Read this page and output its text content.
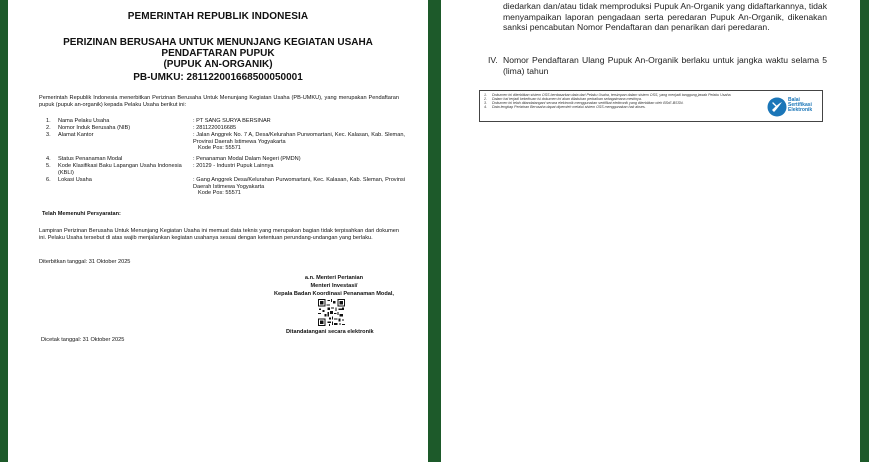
PEMERINTAH REPUBLIK INDONESIA
PERIZINAN BERUSAHA UNTUK MENUNJANG KEGIATAN USAHA
PENDAFTARAN PUPUK
(PUPUK AN-ORGANIK)
PB-UMKU: 281122001668500050001
Pemerintah Republik Indonesia menerbitkan Perizinan Berusaha Untuk Menunjang Kegiatan Usaha (PB-UMKU), yang merupakan Pendaftaran pupuk (pupuk an-organik) kepada Pelaku Usaha berikut ini:
1. Nama Pelaku Usaha	: PT SANG SURYA BERSINAR
2. Nomor Induk Berusaha (NIB)	: 2811220016685
3. Alamat Kantor	: Jalan Anggrek No. 7 A, Desa/Kelurahan Purwomartani, Kec. Kalasan, Kab. Sleman, Provinsi Daerah Istimewa Yogyakarta
Kode Pos: 55571
4. Status Penanaman Modal	: Penanaman Modal Dalam Negeri (PMDN)
5. Kode Klasifikasi Baku Lapangan Usaha Indonesia (KBLI)
: 20129 - Industri Pupuk Lainnya
6. Lokasi Usaha	: Gang Anggrek Desa/Kelurahan Purwomartani, Kec. Kalasan, Kab. Sleman, Provinsi Daerah Istimewa Yogyakarta
Kode Pos: 55571
Telah Memenuhi Persyaratan:
Lampiran Perizinan Berusaha Untuk Menunjang Kegiatan Usaha ini memuat data teknis yang merupakan bagian tidak terpisahkan dari dokumen ini. Pelaku Usaha tersebut di atas wajib menjalankan kegiatan usahanya sesuai dengan ketentuan perundang-undangan yang berlaku.
Diterbitkan tanggal: 31 Oktober 2025
a.n. Menteri Pertanian
Menteri Investasi/
Kepala Badan Koordinasi Penanaman Modal,
Ditandatangani secara elektronik
Dicetak tanggal: 31 Oktober 2025
diedarkan dan/atau tidak memproduksi Pupuk An-Organik yang didaftarkannya, tidak menyampaikan laporan pengadaan serta peredaran Pupuk An-Organik, dikenakan sanksi pencabutan Nomor Pendaftaran dan penarikan dari peredaran.
IV. Nomor Pendaftaran Ulang Pupuk An-Organik berlaku untuk jangka waktu selama 5 (lima) tahun
1. Dokumen ini diterbitkan sistem OSS berdasarkan data dari Pelaku Usaha, tersimpan dalam sistem OSS, yang menjadi tanggung jawab Pelaku Usaha.
2. Dalam hal terjadi kekeliruan isi dokumen ini akan dilakukan perbaikan sebagaimana mestinya.
3. Dokumen ini telah ditandatangani secara elektronik menggunakan sertifikat elektronik yang diterbitkan oleh BSrE-BSSN.
4. Data lengkap Perizinan Berusaha dapat diperoleh melalui sistem OSS menggunakan hak akses.
Balai
Sertifikasi
Elektronik
